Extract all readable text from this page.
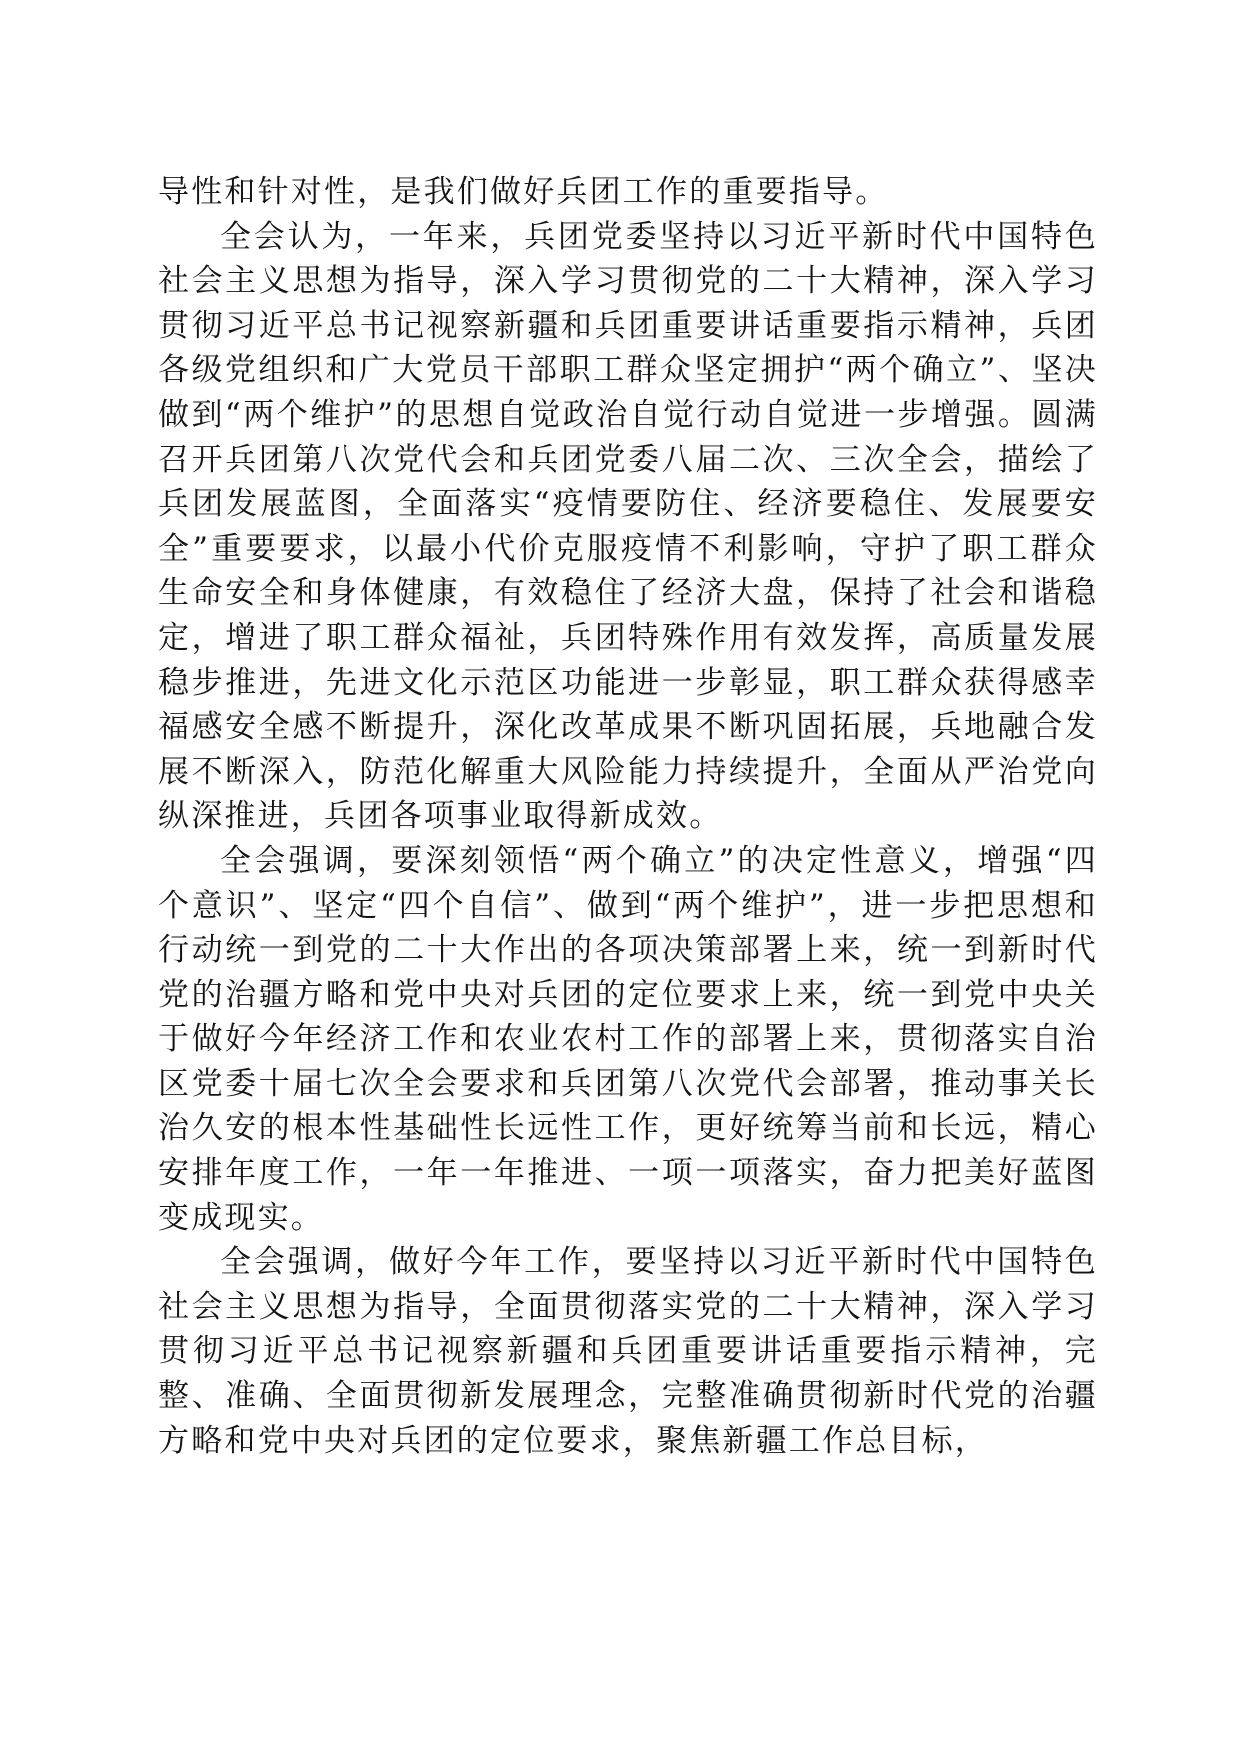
导性和针对性，是我们做好兵团工作的重要指导。

全会认为，一年来，兵团党委坚持以习近平新时代中国特色社会主义思想为指导，深入学习贯彻党的二十大精神，深入学习贯彻习近平总书记视察新疆和兵团重要讲话重要指示精神，兵团各级党组织和广大党员干部职工群众坚定拥护“两个确立”、坚决做到“两个维护”的思想自觉政治自觉行动自觉进一步增强。圆满召开兵团第八次党代会和兵团党委八届二次、三次全会，描绘了兵团发展蓝图，全面落实“疫情要防住、经济要稳住、发展要安全”重要要求，以最小代价克服疫情不利影响，守护了职工群众生命安全和身体健康，有效稳住了经济大盘，保持了社会和谐稳定，增进了职工群众福祉，兵团特殊作用有效发挥，高质量发展稳步推进，先进文化示范区功能进一步彰显，职工群众获得感幸福感安全感不断提升，深化改革成果不断巩固拓展，兵地融合发展不断深入，防范化解重大风险能力持续提升，全面从严治党向纵深推进，兵团各项事业取得新成效。

全会强调，要深刻领悟“两个确立”的决定性意义，增强“四个意识”、坚定“四个自信”、做到“两个维护”，进一步把思想和行动统一到党的二十大作出的各项决策部署上来，统一到新时代党的治疆方略和党中央对兵团的定位要求上来，统一到党中央关于做好今年经济工作和农业农村工作的部署上来，贯彻落实自治区党委十届七次全会要求和兵团第八次党代会部署，推动事关长治久安的根本性基础性长远性工作，更好统筹当前和长远，精心安排年度工作，一年一年推进、一项一项落实，奋力把美好蓝图变成现实。

全会强调，做好今年工作，要坚持以习近平新时代中国特色社会主义思想为指导，全面贯彻落实党的二十大精神，深入学习贯彻习近平总书记视察新疆和兵团重要讲话重要指示精神，完整、准确、全面贯彻新发展理念，完整准确贯彻新时代党的治疆方略和党中央对兵团的定位要求，聚焦新疆工作总目标，
